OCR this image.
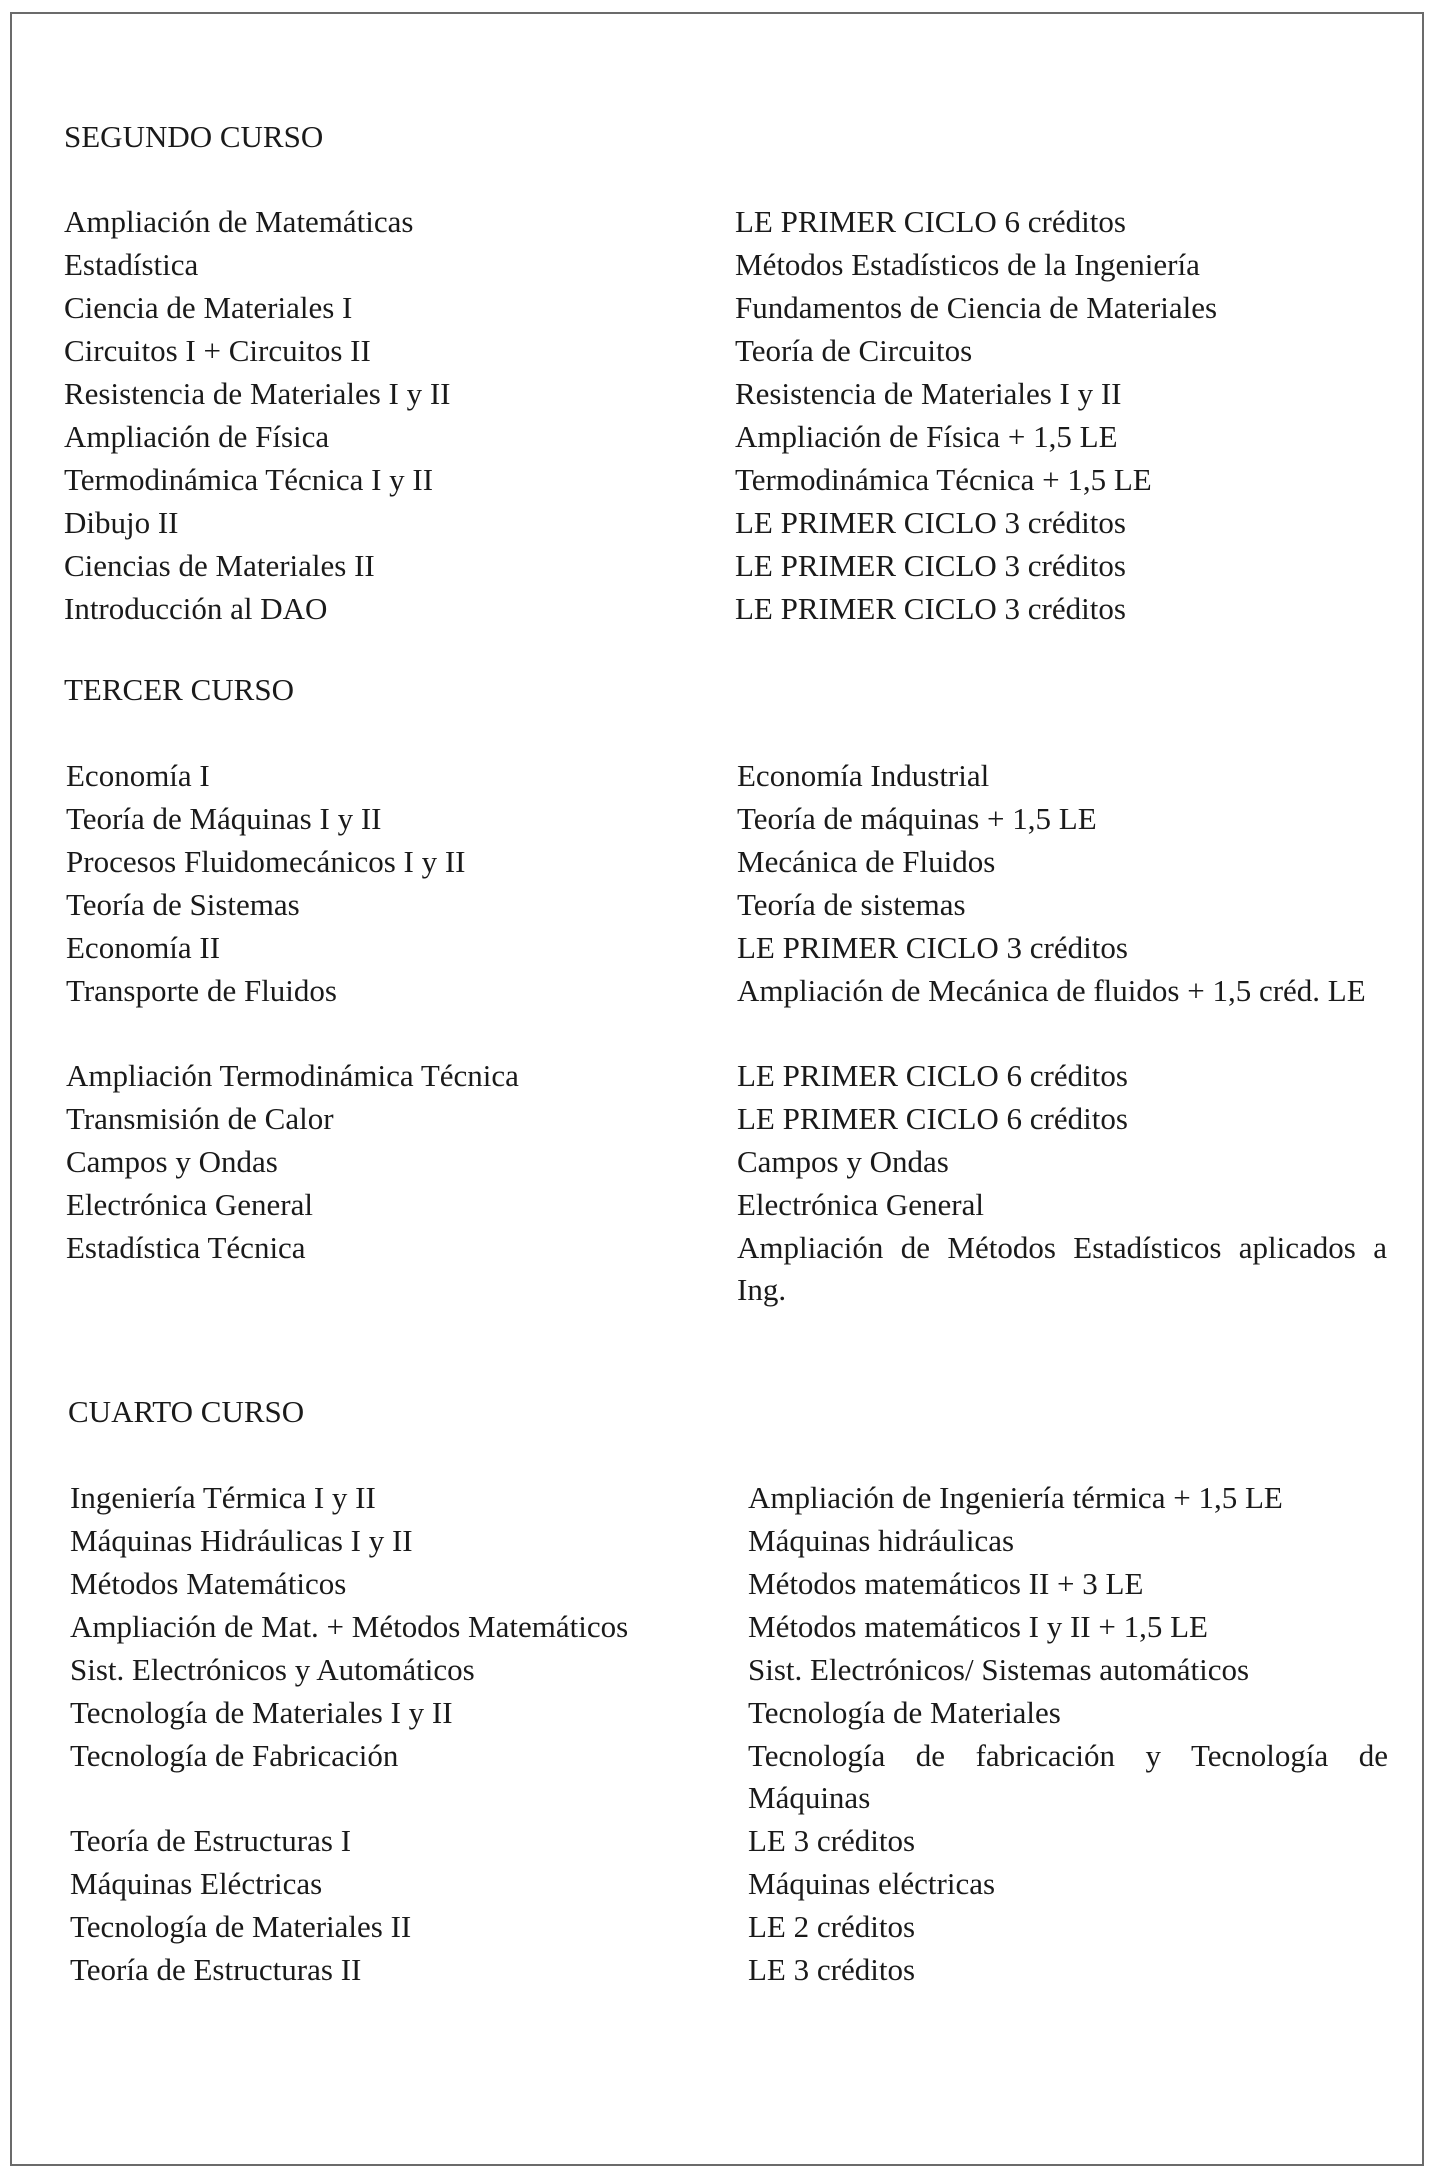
SEGUNDO CURSO
Ampliación de Matemáticas	LE PRIMER CICLO 6 créditos
Estadística	Métodos Estadísticos de la Ingeniería
Ciencia de Materiales I	Fundamentos de Ciencia de Materiales
Circuitos I + Circuitos II	Teoría de Circuitos
Resistencia de Materiales I y II	Resistencia de Materiales I y II
Ampliación de Física	Ampliación de Física + 1,5 LE
Termodinámica Técnica I y II	Termodinámica Técnica + 1,5 LE
Dibujo II	LE PRIMER CICLO 3 créditos
Ciencias de Materiales II	LE PRIMER CICLO 3 créditos
Introducción al DAO	LE PRIMER CICLO 3 créditos
TERCER CURSO
Economía I	Economía Industrial
Teoría de Máquinas I y II	Teoría de máquinas + 1,5 LE
Procesos Fluidomecánicos I y II	Mecánica de Fluidos
Teoría de Sistemas	Teoría de sistemas
Economía II	LE PRIMER CICLO 3 créditos
Transporte de Fluidos	Ampliación de Mecánica de fluidos + 1,5 créd. LE
Ampliación Termodinámica Técnica	LE PRIMER CICLO 6 créditos
Transmisión de Calor	LE PRIMER CICLO 6 créditos
Campos y Ondas	Campos y Ondas
Electrónica General	Electrónica General
Estadística Técnica	Ampliación de Métodos Estadísticos aplicados a Ing.
CUARTO CURSO
Ingeniería Térmica I y II	Ampliación de Ingeniería térmica + 1,5 LE
Máquinas Hidráulicas I y II	Máquinas hidráulicas
Métodos Matemáticos	Métodos matemáticos II + 3 LE
Ampliación de Mat. + Métodos Matemáticos	Métodos matemáticos I y II + 1,5 LE
Sist. Electrónicos y Automáticos	Sist. Electrónicos/ Sistemas automáticos
Tecnología de Materiales I y II	Tecnología de Materiales
Tecnología de Fabricación	Tecnología de fabricación y Tecnología de Máquinas
Teoría de Estructuras I	LE 3 créditos
Máquinas Eléctricas	Máquinas eléctricas
Tecnología de Materiales II	LE 2 créditos
Teoría de Estructuras II	LE 3 créditos
